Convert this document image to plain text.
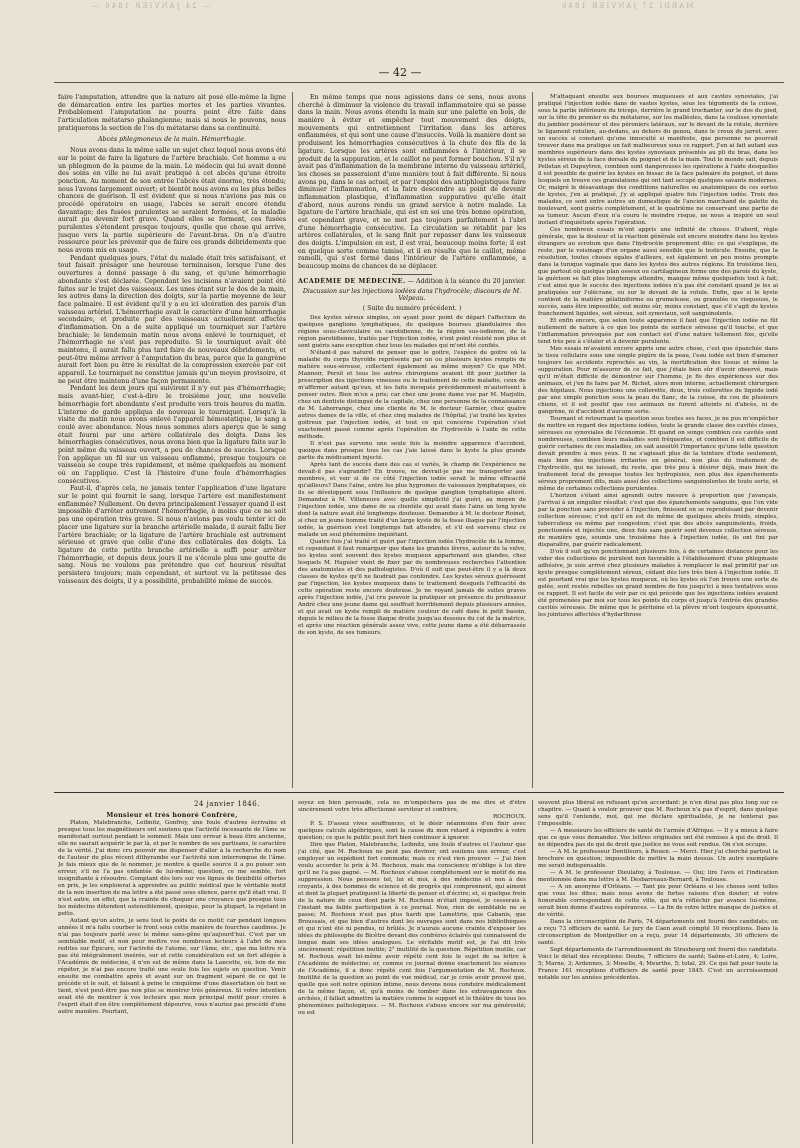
— 24 JANVIER 1846 —	MARDI 27 JANVIER 1846
— 42 —

faire l'amputation, attendre que la nature ait posé elle-même la ligne de démarcation entre les parties mortes et les parties vivantes. Probablement l'amputation ne pourra point être faite dans l'articulation métatarso phalangienne; mais si nous le pouvons, nous pratiquerons la section de l'os du métatarse dans sa continuité.

Abcès phlegmoneux de la main. Hémorrhagie.

Nous avons dans la même salle un sujet chez lequel nous avons été sur le point de faire la ligature de l'artère brachiale. Cet homme a eu un phlegmon de la paume de la main. Le médecin qui lui avait donné des soins en ville ne lui avait pratiqué à cet abcès qu'une étroite ponction. Au moment de son entrée l'abcès était énorme, très étendu; nous l'avons largement ouvert; et bientôt nous avons eu les plus belles chances de guérison. Il est évident que si nous n'avions pas mis ce procédé opératoire en usage, l'abcès se serait encore étendu davantage; des fusées purulentes se seraient formées, et la maladie aurait pu devenir fort grave. Quand elles se forment, ces fusées purulentes s'étendent presque toujours, quelle que chose qui arrive, jusque vers la partie supérieure de l'avant-bras. On n'a d'autre ressource pour les prévenir que de faire ces grands débridements que nous avons mis en usage.

Pendant quelques jours, l'état du malade était très satisfaisant, et tout faisait présager une heureuse terminaison, lorsque l'une des ouvertures a donné passage à du sang, et qu'une hémorrhagie abondante s'est déclarée. Cependant les incisions n'avaient point été faites sur le trajet des vaisseaux. Les unes étant sur le dos de la main, les autres dans la direction des doigts, sur la partie moyenne de leur face palmaire. Il est évident qu'il y a eu ici ulcération des parois d'un vaisseau artériel. L'hémorrhagie avait le caractère d'une hémorrhagie secondaire, et produite par des vaisseaux actuellement affectés d'inflammation. On a de suite appliqué un tourniquet sur l'artère brachiale; le lendemain matin nous avons enlevé le tourniquet, et l'hémorrhagie ne s'est pas reproduite. Si le tourniquet avait été maintenu, il aurait fallu plus tard faire de nouveaux débridements, et peut-être même arriver à l'amputation du bras, parce que la gangrène aurait fort bien pu être le résultat de la compression exercée par cet appareil. Le tourniquet ne constitue jamais qu'un moyen provisoire, et ne peut être maintenu d'une façon permanente.

Pendant les deux jours qui suivirent il n'y eut pas d'hémorrhagie; mais avant-hier, c'est-à-dire le troisième jour, une nouvelle hémorrhagie fort abondante s'est produite vers trois heures du matin. L'interne de garde appliqua de nouveau le tourniquet. Lorsqu'à la visite du matin nous avons enlevé l'appareil hémostatique, le sang a coulé avec abondance. Nous nous sommes alors aperçu que le sang était fourni par une artère collatérale des doigts. Dans les hémorrhagies consécutives, nous avons bien que la ligature faite sur le point même du vaisseau ouvert, a peu de chances de succès. Lorsque l'on applique un fil sur un vaisseau enflammé, presque toujours ce vaisseau se coupe très rapidement, et même quelquefois au moment où on l'applique. C'est là l'histoire d'une foule d'hémorrhagies consécutives.

Faut-il, d'après cela, ne jamais tenter l'application d'une ligature sur le point qui fournit le sang, lorsque l'artère est manifestement enflammée? Nullement. On devra principalement l'essayer quand il est impossible d'arrêter autrement l'hémorrhagie, à moins que ce ne soit pas une opération très grave. Si nous n'avions pas voulu tenter ici de placer une ligature sur la branche artérielle malade, il aurait fallu lier l'artère brachiale; or la ligature de l'artère brachiale est autrement sérieuse et grave que celle d'une des collatérales des doigts. La ligature de cette petite branche artérielle a suffi pour arrêter l'hémorrhagie, et depuis deux jours il ne s'écoule plus une goutte de sang. Nous ne voulons pas prétendre que cet heureux résultat persistera toujours; mais cependant, et surtout vu la petitesse des vaisseaux des doigts, il y a possibilité, probabilité même de succès.

En même temps que nous agissions dans ce sens, nous avons cherché à diminuer la violence du travail inflammatoire qui se passe dans la main. Nous avons étendu la main sur une palette en bois, de manière à éviter et empêcher tout mouvement des doigts, mouvements qui entretiennent l'irritation dans les artères enflammées, et qui sont une cause d'insuccès. Voilà la manière dont se produisent les hémorrhagies consécutives à la chute des fils de la ligature. Lorsque les artères sont enflammées à l'intérieur, il se produit de la suppuration, et le caillot ne peut former bouchon. S'il n'y avait pas d'inflammation de la membrane interne du vaisseau artériel, les choses se passeraient d'une manière tout à fait différente. Si nous avons pu, dans le cas actuel, et par l'emploi des antiphlogistiques faire diminuer l'inflammation, et la faire descendre au point de devenir inflammation plastique, d'inflammation suppurative qu'elle était d'abord, nous aurons rendu un grand service à notre malade. La ligature de l'artère brachiale, qui est en soi une très bonne opération, est cependant grave, et ne met pas toujours parfaitement à l'abri d'une hémorrhagie consécutive. La circulation se rétablit par les artères collatérales, et le sang finit par repasser dans les vaisseaux des doigts. L'impulsion en est, il est vrai, beaucoup moins forte; il est en quelque sorte comme tamisé, et il en résulte que le caillot, même ramolli, qui s'est formé dans l'intérieur de l'artère enflammée, a beaucoup moins de chances de se déplacer.

ACADÉMIE DE MÉDECINE. — Addition à la séance du 20 janvier.

Discussion sur les injections iodées dans l'hydrocèle; discours de M. Velpeau.
( Suite du numéro précédent. )

Des kystes séreux simples, on ayant pour point de départ l'affection de quelques ganglions lymphatiques, de quelques bourses glandulaires des régions sous-claviculaire ou carotidienne, de la région sus-iodienne, de la région parotidienne, traités par l'injection iodée, n'ont point résisté non plus et sont guéris sans exception chez tous les malades qui m'ont été confiés.

N'étant-il pas naturel de penser que le goitre, l'espèce de goitre où la maladie du corps thyroïde représente par un ou plusieurs kystes remplis de matière sous-séreuse, collectent également au même moyen? Ce que MM. Mannoir, Persil et tous les autres chirurgiens avaient dit pour justifier la prescription des injections vineuses ou le traitement de cette maladie, ceux de m'affirmer autant qu'eux, et les faits invoqués précédemment m'autorisent à penser outre. Bien m'en a pris; car chez une jeune dame vue par M. Marjolin, chez un dentiste distingué de la capitale, chez une personne de la connaissance de M. Laborrange, chez une cliente de M. le docteur Garnier, chez quatre autres dames de la ville, et chez cinq malades de l'hôpital, j'ai traité les kystes goitreux par l'injection iodée, et tout ce qui concerne l'opération s'est exactement passé comme après l'opération de l'hydrocèle à l'aide de cette méthode.

Il n'est pas survenu une seule fois la moindre apparence d'accident, quoique dans presque tous les cas j'aie laissé dans le kyste la plus grande partie du médicament injecté.

Après tant de succès dans des cas si variés, le champ de l'expérience ne devait-il pas s'agrandir? En trouve, ne devrait-je pas me transporter aux membres, et voir si de ce côté l'injection iodée serait le même efficacité qu'ailleurs? Dans l'aine, entre les plus hygromes de vaisseaux lymphatiques, où ils se développent sous l'influence de quelque ganglion lymphatique altéré. Demandez à M. Villeneuve avec quelle simplicité j'ai guéri, au moyen de l'injection iodée, une dame de sa clientèle qui avait dans l'aine un long kyste dont la nature avait été longtemps douteuse. Demandez à M. le docteur Roinet, si chez un jeune homme traité d'un large kyste de la fosse iliaque par l'injection iodée, la guérison s'est longtemps fait attendre, et s'il est survenu chez ce malade un seul phénomène inquiétant.

Quatre fois j'ai traité et guéri par l'injection iodée l'hydrocèle de la femme, et cependant il faut remarquer que dans les grandes lèvres, autour de la vulve, les kystes sont souvent des kystes muqueux appartenant aux glandes, chez lesquels M. Huguier vient de fixer par de nombreuses recherches l'attention des anatomistes et des pathologistes. D'où il suit que peut-être il y a là deux classes de kystes qu'il ne faudrait pas confondre. Les kystes séreux guérissent par l'injection, les kystes muqueux dans le traitement desquels l'efficacité de cette opération reste encore douteuse. Je ne voyant jamais de suites graves après l'injection iodée, j'ai cru pouvoir la pratiquer en présence du professeur André chez une jeune dame qui souffrait horriblement depuis plusieurs années, et qui avait un kyste rempli de matière couleur de café dans le petit bassin, depuis le milieu de la fosse iliaque droite jusqu'au dessous du col de la matrice, et après une réaction générale assez vive, cette jeune dame a été débarrassée de son kyste, de ses tumeurs.

M'attaquant ensuite aux bourses muqueuses et aux cavités synoviales, j'ai pratiqué l'injection iodée dans de vastes kystes, sous les téguments de la cuisse, sous la partie inférieure du triceps, derrière le grand trochanter, sur le dos du pied, sur la tête du premier os du métatarse, sur les malléoles, dans la coulisse synoviale du jambier postérieur et des péroniers latéraux, sur le devant de la rotule, derrière le ligament rotulien, au-dedans, au dehors du genou, dans le creux du jarret, avec un succès si constant qu'une innocuité si manifeste, que personne ne pourrait trouver dans ma pratique un fait malheureux sous ce rapport. J'en ai fait autant aux membres supérieurs dans des kystes synoviaux présentés au pli du bras, dans les kystes séreux de la face dorsale du poignet et de la main. Tout le monde sait, depuis Pelletan et Dupuytren, combien sont dangereuses les opérations à l'aide desquelles il est possible de guérir les kystes en bissac de la face palmaire du poignet, et dans lesquels on trouve ces granulations qui ont tant occupé quelques savants modernes. Or, malgré le désavantage des conditions naturelles ou anatomiques de ces sortes de kystes, j'en ai pratiqué, j'y ai appliqué quatre fois l'injection iodée. Trois des malades, ce sont entre autres un domestique de l'ancien marchand de galette du boulevard, sont guéris complètement, et le quatrième ne conservant une partie de sa tumeur. Aucun d'eux n'a couru le moindre risque, ne nous a inspiré un seul instant d'inquiétude après l'opération.

Ces nombreux essais m'ont appris une infinité de choses. D'abord, règle générale, que la douleur et la réaction générale est encore moindre dans les kystes étrangers au scrotum que dans l'hydrocèle proprement dite; ce qui s'explique, du reste, par le voisinage d'un organe aussi sensible que le testicule. Ensuite, que la résolution, toutes choses égales d'ailleurs, est également un peu moins prompte dans la tunique vaginale que dans les kystes des autres régions. En troisième lieu, que partout où quelque plan osseux ou cartilagineux forme une des parois du kyste, la guérison se fait plus longtemps attendre, manque même quelquefois tout à fait; c'est ainsi que le succès des injections iodées n'a pas été constant quand je les ai pratiquées sur l'olécrane, ou sur le devant de la rotule. Enfin, que si le kyste contient de la matière gélatiniforme ou grumeleuse, ou granulée ou visqueuse, le succès, sans être impossible, est moins sûr, moins constant, que s'il s'agit de kystes franchement liquides, soit séreux, soit synoviaux, soit sanguinolents.

Et enfin encore, que selon toute apparence il faut que l'injection iodée ne fût nullement de nature à ce que les points de surface séreuse qu'il touche, et que l'inflammation provoquée par son contact est d'une nature tellement fixe, qu'elle tend très peu à s'étaler et à devenir purulente.

Mes essais m'avaient encore appris une autre chose, c'est que épanchée dans le tissu cellulaire sous une simple piqûre de la peau, l'eau iodée est bien d'amener toujours les accidents reprochés au vin, la mortification des tissus et même la suppuration. Pour m'assurer de ce fait, que j'étais bien sûr d'avoir observé, mais qu'il m'était difficile de démontrer sur l'homme, je fis des expériences sur des animaux, et j'en fis faire par M. Richet, alors mon interne, actuellement chirurgien des hôpitaux. Nous injections une collerette, deux, trois collerettes de liquide iodé par une simple ponction sous la peau du flanc, de la cuisse, du cou de plusieurs chiens, et il est positif que ces animaux ne furent atteints ni d'abcès, ni de gangrène, ni d'accident d'aucune sorte.

Tournant et retournant la question sous toutes ses faces, je ne pus m'empêcher de mettre en regard des injections iodées, toute la grande classe des cavités closes, séreuses ou synoviales de l'économie. Et quand on songe combien ces cavités sont nombreuses, combien leurs maladies sont fréquentes, et combien il est difficile de guérir certaines de ces maladies, on sait aussitôt l'importance qu'une telle question devait prendre à mes yeux. Il ne s'agissait plus de la teinture d'iode seulement, mais bien des injections irritantes en général, non plus du traitement de l'hydrocèle, qui ne laissait, du reste, que très peu à désirer déjà, mais bien du traitement local de presque toutes les hydropisies, non plus des épanchements séreux proprement dits, mais aussi des collections sanguinolentes de toute sorte, et même de certaines collections purulentes.

L'horizon s'étant ainsi agrandi outre mesure à proportion que j'avançais, j'arrivai à un singulier résultat: c'est que des épanchements sanguins, que l'on vide par la ponction sans procéder à l'injection, finissent en se reproduisant par devenir collection séreuse; c'est qu'il en est de même de quelques abcès froids, simples, tuberculeux ou même par congestion; c'est que des abcès sanguinolents, froids, ponctionnés et injectés une, deux fois sans guérir sont devenus collection séreuse, de manière que, soumis une troisième fois à l'injection iodée, ils ont fini par disparaître, par guérir radicalement.

D'où il suit qu'en ponctionnant plusieurs fois, à de certaines distances pour les vider des collections de purulent non favorable à l'établissement d'une phlegmasie adhésive, je suis arrivé chez plusieurs malades à remplacer le mal primitif par un kyste presque complètement séreux, cédant dès lors très bien à l'injection iodée. Il est pourtant vrai que les kystes muqueux, où les kystes où l'on trouve une sorte de gelée, sont restés rebelles un grand nombre de fois jusqu'ici à mes tentatives sous ce rapport. Il est facile de voir par ce qui précède que les injections iodées avaient été promenées par moi sur tous les points du corps et jusqu'à l'entrée des grandes cavités séreuses. De même que le péritoine et la plèvre m'ont toujours épouvanté, les jointures affectées d'hydarthrose

24 janvier 1846.

Monsieur et très honoré Confrère,

Platon, Malebranche, Leibnitz, Gonfroy, une foule d'autres écrivains et presque tous les magnétiseurs ont soutenu que l'activité incessante de l'âme se manifestait surtout pendant le sommeil. Mais une erreur à beau être ancienne, elle ne saurait acquérir le par là, et par le nombre de ses partisans, le caractère de la vérité. J'ai donc cru pouvoir me dispenser d'aller à la recherche du nom de l'auteur du plus récent dithyrambe sur l'activité non interrompue de l'âme. Je fais mieux que de le nommer, je montre à quelle source il a pu puiser son erreur, s'il ne l'a pas enfantée de lui-même; question, ce me semble, fort insignifiante à résoudre. Comptant dès lors sur vos lignes de flexibilité offertes en prix, je les emploierai à apprendre au public médical que le véritable motif de la non insertion de ma lettre a été passé sous silence, parce qu'il était vrai. Il n'est autre, en effet, que la crainte de choquer une croyance que presque tous les médecins détendent ostensiblement, quoique, pour la plupart, la rejetant in petto.

Autant qu'on autre, je sens tout le poids de ce motif; car pendant longues années il m'a fallu courber le front sous cette manière de fourches caudines. Je n'ai pas toujours parlé avec le même sans-gêne qu'aujourd'hui. C'est par un semblable motif, et non pour mettre vos nombreux lecteurs à l'abri de mes redites sur Épicure, sur l'activité de l'atome, sur l'âme, etc., que ma lettre n'a pas été intégralement insérée, sur et cette considération est un fort allégée à l'Académie de médecine, il n'en est de même dans la Lancette, où, loin de me répéter, je n'ai pas encore traité une seule fois les sujets en question. Venir ensuite me combattre après et avant sur un fragment séparé de ce qui le précède et le suit, et faisant à peine le cinquième d'une dissertation où tout se tient, n'est peut-être pas non plus se montrer très généreux. Si votre intention avait été de montrer à vos lecteurs que mon principal motif pour croire à l'esprit était d'en être complètement dépourvu, vous n'auriez pas procédé d'une autre manière. Pourtant,

soyez en bien persuadé, cela ne m'empêchera pas de me dire et d'être sincèrement votre très affectionné serviteur et confrère,

ROCHOUX.

P. S. D'assez vives souffrances, et le désir néanmoins d'en finir avec quelques calculs algébriques, sont la cause du mon retard à répondre à votre question; ce que le public peut fort bien continuer à ignorer.

Dire que Platon, Malebranche, Leibnitz, une foule d'autres et l'auteur que j'ai cité, que M. Rochoux ne peut pas deviner, ont soutenu une erreur, c'est employer un expédient fort commode; mais ce n'est rien prouver. — J'ai bien voulu accorder le prix à M. Rochoux, mais ma conscience m'oblige à lui dire qu'il ne l'a pas gagné. — M. Rochoux s'abuse complètement sur le motif de ma suppression. Nous pensons tel, lui et moi, à des médecins et non à des croyants, à des hommes de science et de progrès qui comprennent, qui aiment et dont la plupart pratiquent la liberté de penser et d'écrire; et, si quelque frein de la nature de ceux dont parle M. Rochoux m'était imposé, je cesserais à l'instant ma faible participation à ce journal. Non, rien de semblable ne se passe; M. Rochoux n'est pas plus hardi que Lamettrie, que Cabanis, que Broussais, et que bien d'autres dont les ouvrages sont dans nos bibliothèques et qui n'ont été ni pendus, ni brûlés. Je n'aurais aucune crainte d'exposer les idées du philosophe de Bicêtre devant des confrères éclairés qui connaissent de longue main ses idées analogues. Le véritable motif est, je l'ai dit très sincèrement: répétition inutile; 2° inutilité de la question. Répétition inutile, car M. Rochoux avait lui-même avoir répété cent fois le sujet de sa lettre à l'Académie de médecine; or, comme ce journal donne exactement les séances de l'Académie, il a donc répété cent fois l'argumentation de M. Rochoux. Inutilité de la question au point de vue médical, car je crois avoir prouvé que, quelle que soit notre opinion intime, nous devons nous conduire médicalement de la même façon, et, qu'à moins de tomber dans les extravagances des archées, il fallait admettre la matière comme le support et le théâtre de tous les phénomènes pathologiques. — M. Rochoux s'abuse encore sur ma générosité; ou est

souvent plus libéral en refusant qu'en accordant: je n'en dirai pas plus long sur ce chapitre. — Quant à vouloir prouver que M. Rochoux n'a pas d'esprit, dans quelque sens qu'il l'entende, moi, qui me déclare spiritualiste, je ne tenterai pas l'impossible.

— A messieurs les officiers de santé de l'armée d'Afrique. — Il y a mieux à faire que ce que vous demandez. Vos lettres originales ont été remises à qui de droit. Il ne dépendra pas de qui de droit que justice ne vous soit rendue. On s'en occupe.

— A M. le professeur Dentileurs, à Rouen. — Merci. Hier j'ai cherché partout la brochure en question; impossible de mettre la main dessus. Un autre exemplaire me serait indispensable.

— A M. le professeur Dieulafoy, à Toulouse. — Oui; lire l'avis et l'indication mentionnée dans ma lettre à M. Desbarreaux-Bernard, à Toulouse.

— A un anonyme d'Orléans. — Tant pis pour Orléans si les choses sont telles que vous les dites; mais nous avons de fortes raisons d'en douter; et votre honorable correspondant de cette ville, qui m'a réfléchir par avance lui-même, serait bien donne d'autres espérances. — La fin de votre lettre manque de justice et de vérité.

Dans la circonscription de Paris, 74 départements ont fourni des candidats; on a reçu 73 officiers de santé. Le jury de Caen avait compté 10 réceptions. Dans la circonscription de Montpellier on a reçu, pour 14 départements, 30 officiers de santé.

Sept départements de l'arrondissement de Strasbourg ont fourni des candidats. Voici le détail des réceptions: Doubs, 7 officiers de santé; Saône-et-Loire, 4; Loire, 5; Marne, 3; Ardennes, 3; Moselle, 4; Meurthe, 5; total, 29. Ce qui fait pour toute la France 161 réceptions d'officiers de santé pour 1845. C'est un accroissement notable sur les années précédentes.
